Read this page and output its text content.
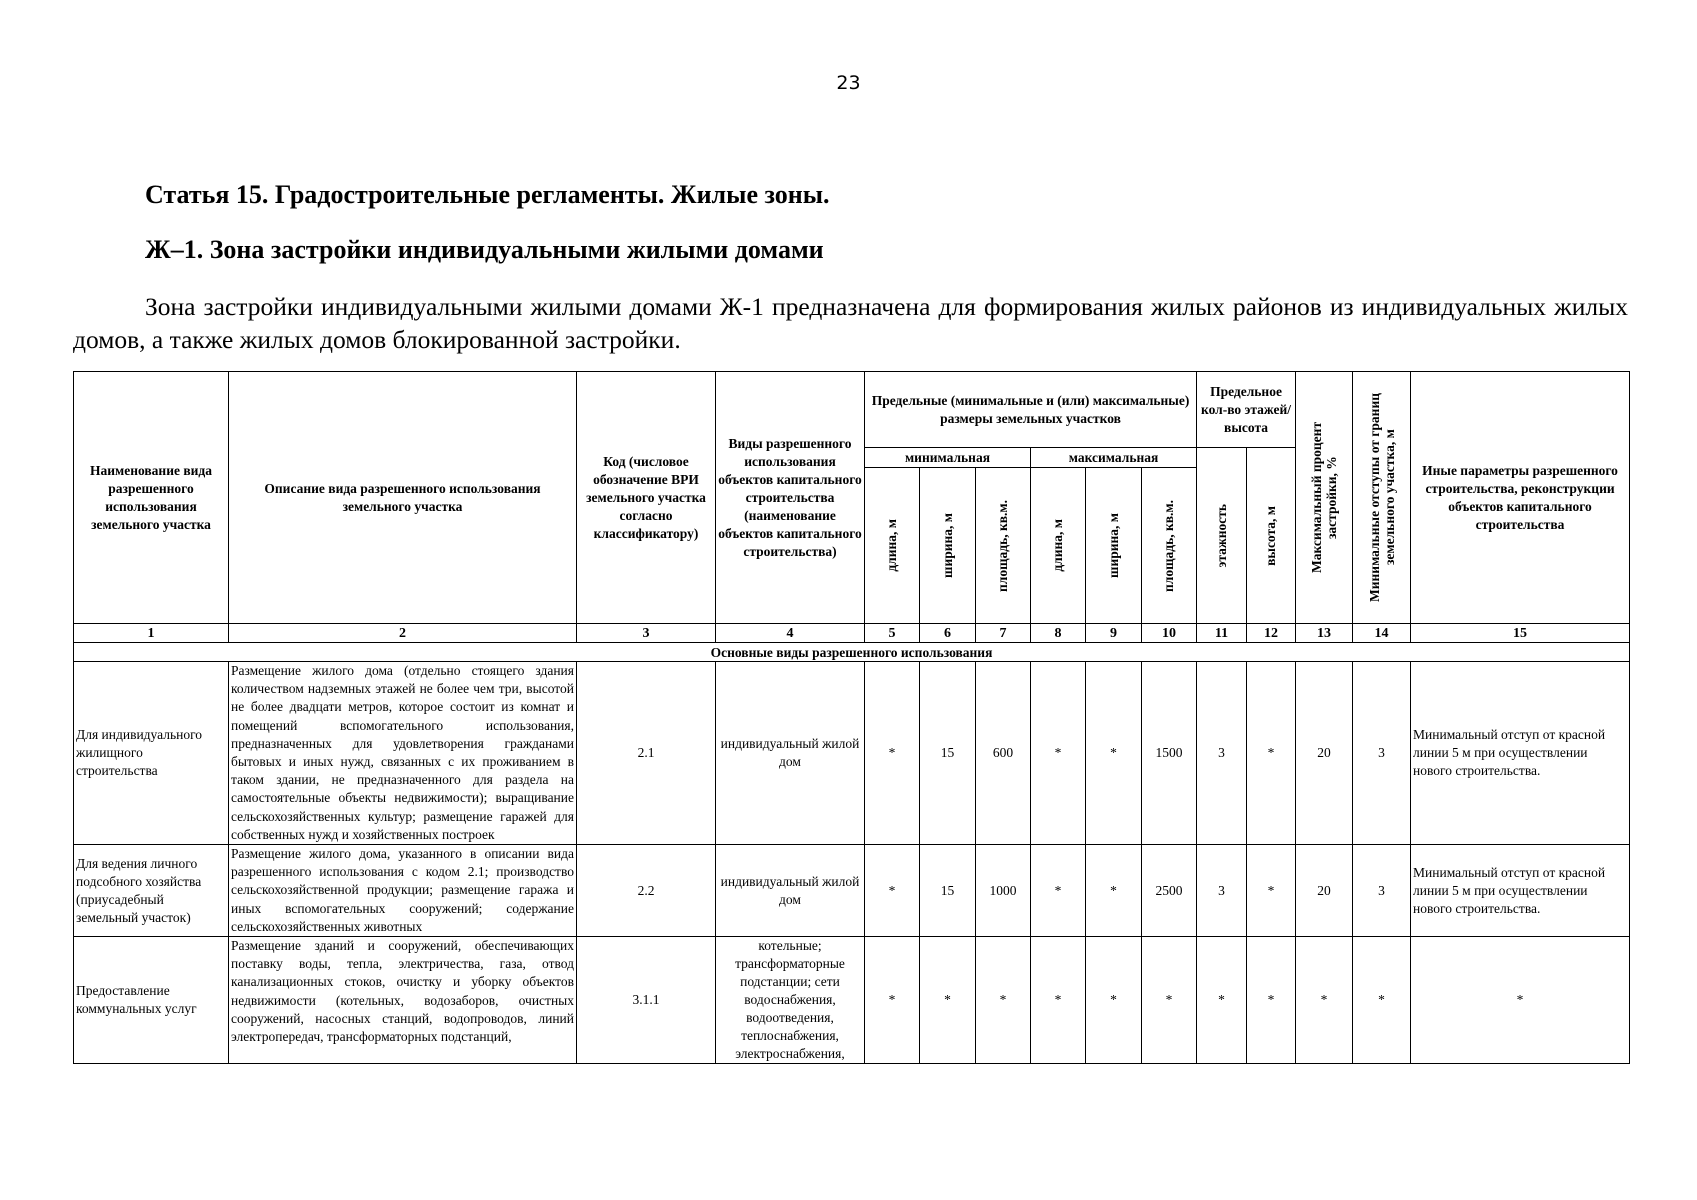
23
Статья 15. Градостроительные регламенты. Жилые зоны.
Ж–1. Зона застройки индивидуальными жилыми домами
Зона застройки индивидуальными жилыми домами Ж-1 предназначена для формирования жилых районов из индивидуальных жилых домов, а также жилых домов блокированной застройки.
Наименование вида разрешенного использования земельного участка	Описание вида разрешенного использования земельного участка	Код (числовое обозначение ВРИ земельного участка согласно классификатору)	Виды разрешенного использования объектов капитального строительства (наименование объектов капитального строительства)	Предельные (минимальные и (или) максимальные) размеры земельных участков						Предельное кол-во этажей/ высота		Максимальный процент застройки, %	Минимальные отступы от границ земельного участка, м	Иные параметры разрешенного строительства, реконструкции объектов капитального строительства
				минимальная			максимальная			этажность	высота, м			

				длина, м	ширина, м	площадь, кв.м.	длина, м	ширина, м	площадь, кв.м.					

1	2	3	4	5	6	7	8	9	10	11	12	13	14	15
Основные виды разрешенного использования														
Для индивидуального жилищного строительства	Размещение жилого дома (отдельно стоящего здания количеством надземных этажей не более чем три, высотой не более двадцати метров, которое состоит из комнат и помещений вспомогательного использования, предназначенных для удовлетворения гражданами бытовых и иных нужд, связанных с их проживанием в таком здании, не предназначенного для раздела на самостоятельные объекты недвижимости); выращивание сельскохозяйственных культур; размещение гаражей для собственных нужд и хозяйственных построек	2.1	индивидуальный жилой дом	*	15	600	*	*	1500	3	*	20	3	Минимальный отступ от красной линии 5 м при осуществлении нового строительства.
Для ведения личного подсобного хозяйства (приусадебный земельный участок)	Размещение жилого дома, указанного в описании вида разрешенного использования с кодом 2.1; производство сельскохозяйственной продукции; размещение гаража и иных вспомогательных сооружений; содержание сельскохозяйственных животных	2.2	индивидуальный жилой дом	*	15	1000	*	*	2500	3	*	20	3	Минимальный отступ от красной линии 5 м при осуществлении нового строительства.
Предоставление коммунальных услуг	Размещение зданий и сооружений, обеспечивающих поставку воды, тепла, электричества, газа, отвод канализационных стоков, очистку и уборку объектов недвижимости (котельных, водозаборов, очистных сооружений, насосных станций, водопроводов, линий электропередач, трансформаторных подстанций,	3.1.1	котельные; трансформаторные подстанции; сети водоснабжения, водоотведения, теплоснабжения, электроснабжения,	*	*	*	*	*	*	*	*	*	*	*
